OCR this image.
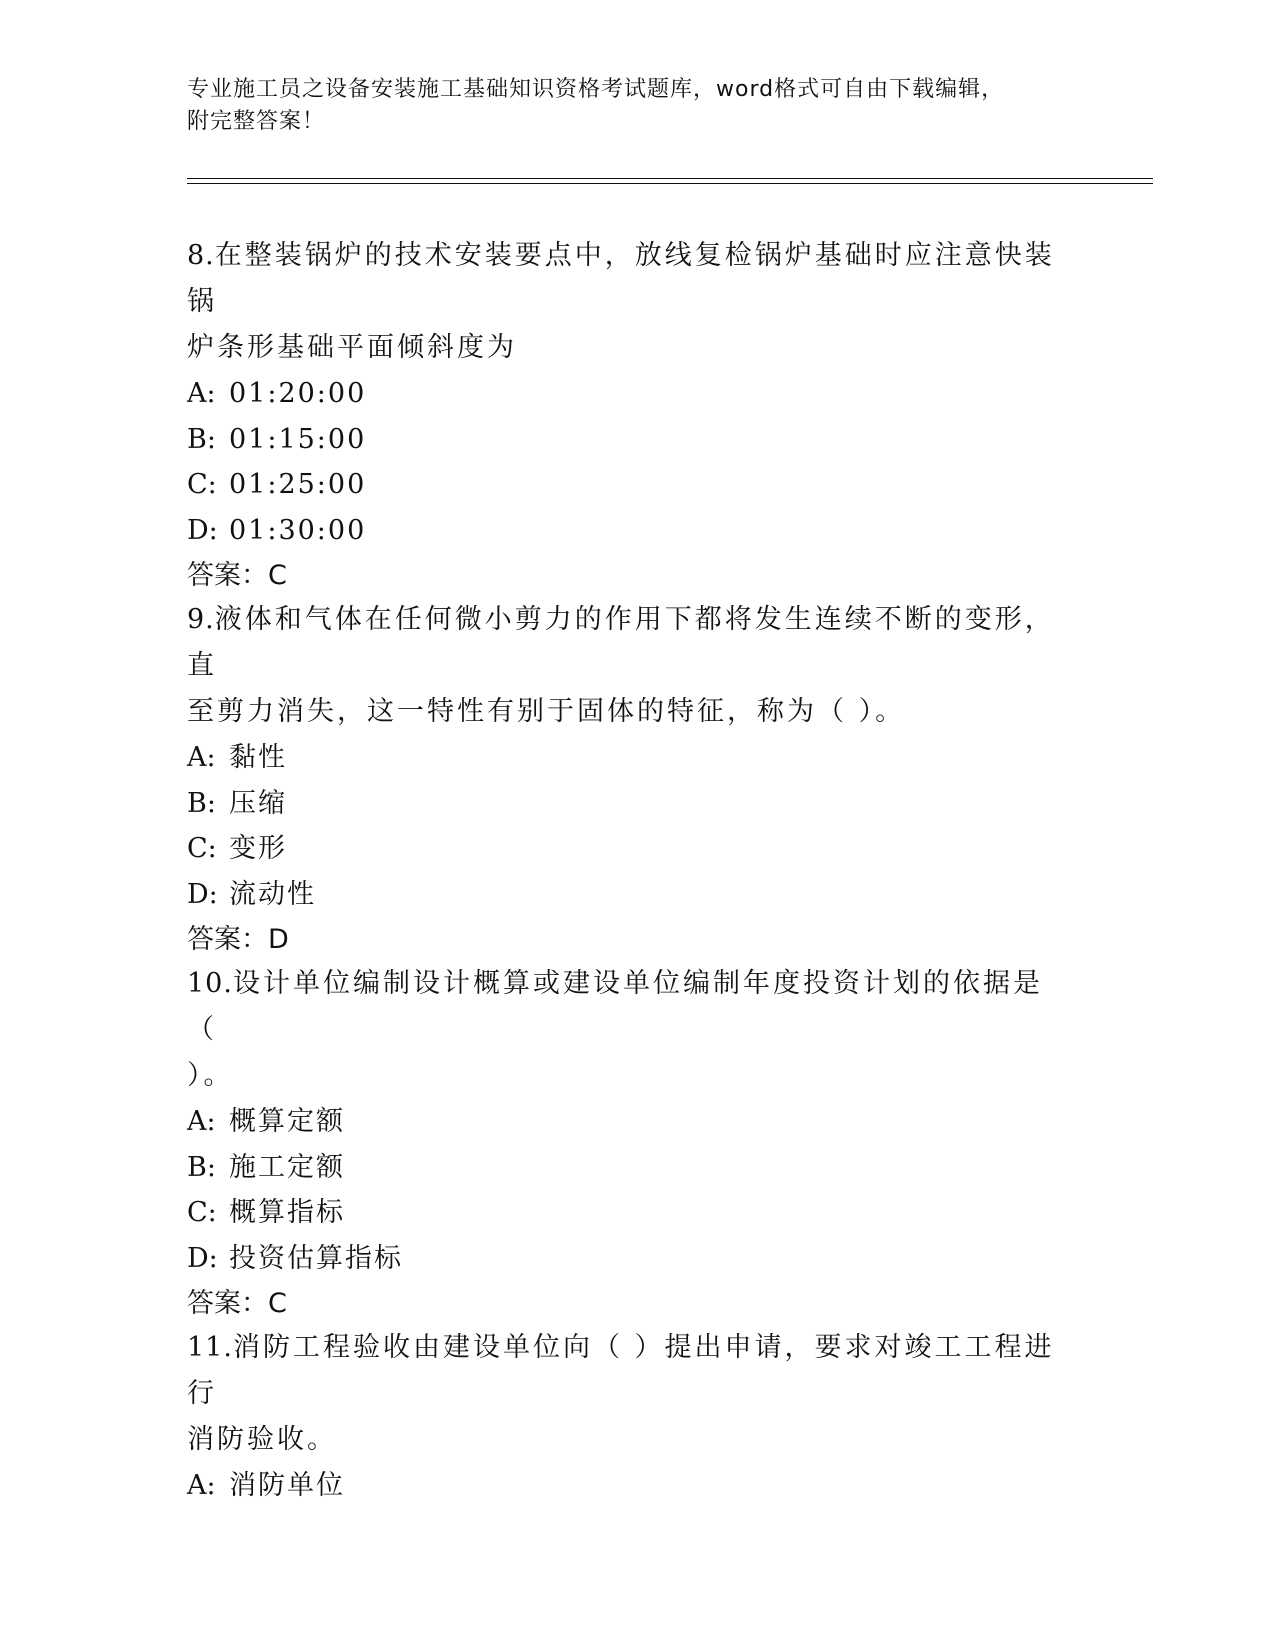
专业施工员之设备安装施工基础知识资格考试题库，word格式可自由下载编辑，
附完整答案！

8.在整装锅炉的技术安装要点中，放线复检锅炉基础时应注意快装锅
炉条形基础平面倾斜度为

A: 01:20:00

B: 01:15:00

C: 01:25:00

D: 01:30:00

答案：C

9.液体和气体在任何微小剪力的作用下都将发生连续不断的变形，直
至剪力消失，这一特性有别于固体的特征，称为（ ）。

A: 黏性

B: 压缩

C: 变形

D: 流动性

答案：D

10.设计单位编制设计概算或建设单位编制年度投资计划的依据是（
）。

A: 概算定额

B: 施工定额

C: 概算指标

D: 投资估算指标

答案：C

11.消防工程验收由建设单位向（ ）提出申请，要求对竣工工程进行
消防验收。

A: 消防单位
